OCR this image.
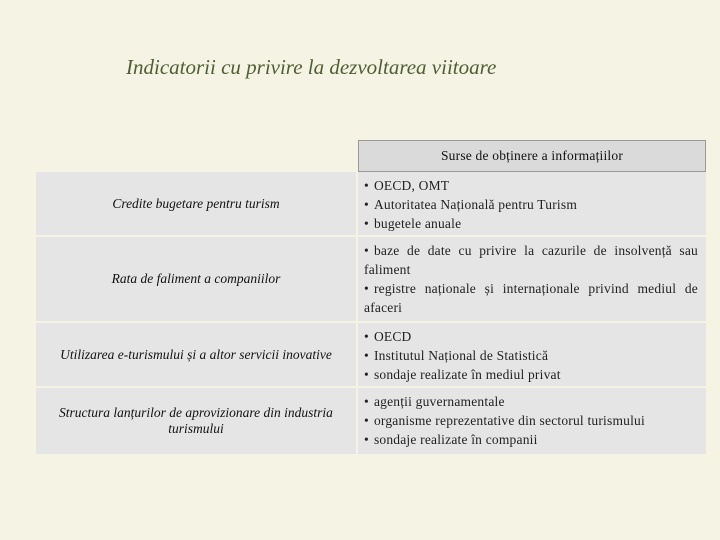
Indicatorii cu privire la dezvoltarea viitoare
Surse de obținere a informațiilor
Credite bugetare pentru turism
• OECD, OMT
• Autoritatea Națională pentru Turism
• bugetele anuale
Rata de faliment a companiilor
• baze de date cu privire la cazurile de insolvență sau faliment
• registre naționale și internaționale privind mediul de afaceri
Utilizarea e-turismului și a altor servicii inovative
• OECD
• Institutul Național de Statistică
• sondaje realizate în mediul privat
Structura lanțurilor de aprovizionare din industria turismului
• agenții guvernamentale
• organisme reprezentative din sectorul turismului
• sondaje realizate în companii
